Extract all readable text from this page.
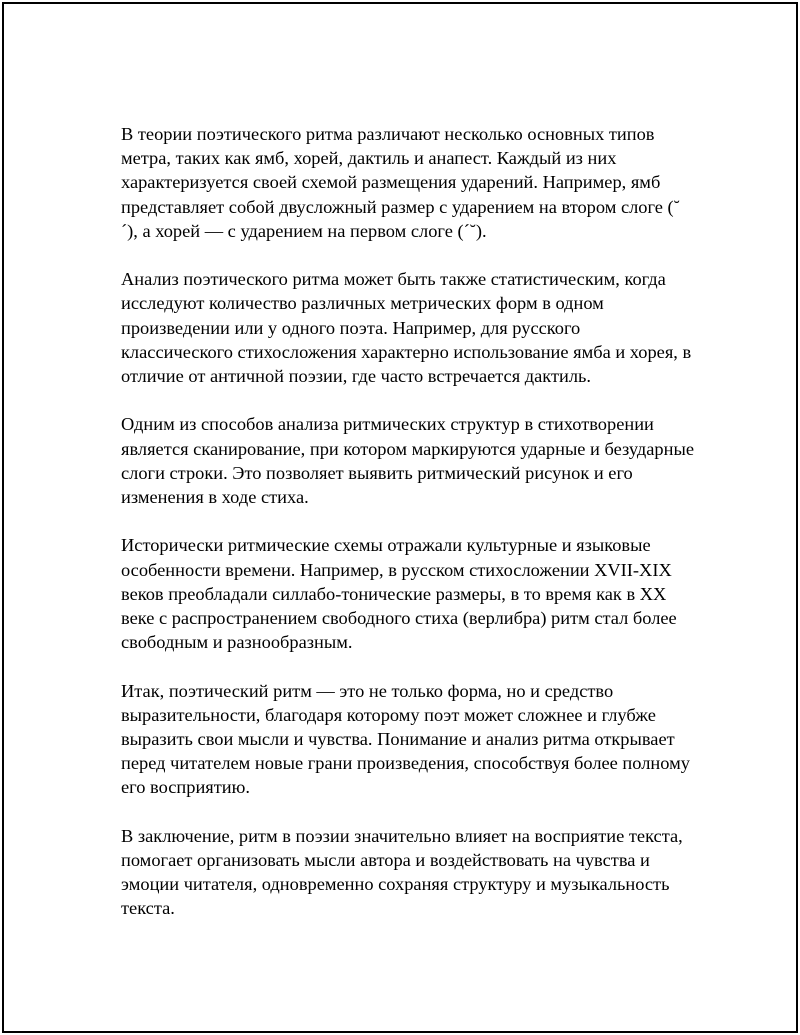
В теории поэтического ритма различают несколько основных типов метра, таких как ямб, хорей, дактиль и анапест. Каждый из них характеризуется своей схемой размещения ударений. Например, ямб представляет собой двусложный размер с ударением на втором слоге (˘ ´), а хорей — с ударением на первом слоге (´˘).

Анализ поэтического ритма может быть также статистическим, когда исследуют количество различных метрических форм в одном произведении или у одного поэта. Например, для русского классического стихосложения характерно использование ямба и хорея, в отличие от античной поэзии, где часто встречается дактиль.

Одним из способов анализа ритмических структур в стихотворении является сканирование, при котором маркируются ударные и безударные слоги строки. Это позволяет выявить ритмический рисунок и его изменения в ходе стиха.

Исторически ритмические схемы отражали культурные и языковые особенности времени. Например, в русском стихосложении XVII-XIX веков преобладали силлабо-тонические размеры, в то время как в XX веке с распространением свободного стиха (верлибра) ритм стал более свободным и разнообразным.

Итак, поэтический ритм — это не только форма, но и средство выразительности, благодаря которому поэт может сложнее и глубже выразить свои мысли и чувства. Понимание и анализ ритма открывает перед читателем новые грани произведения, способствуя более полному его восприятию.

В заключение, ритм в поэзии значительно влияет на восприятие текста, помогает организовать мысли автора и воздействовать на чувства и эмоции читателя, одновременно сохраняя структуру и музыкальность текста.
